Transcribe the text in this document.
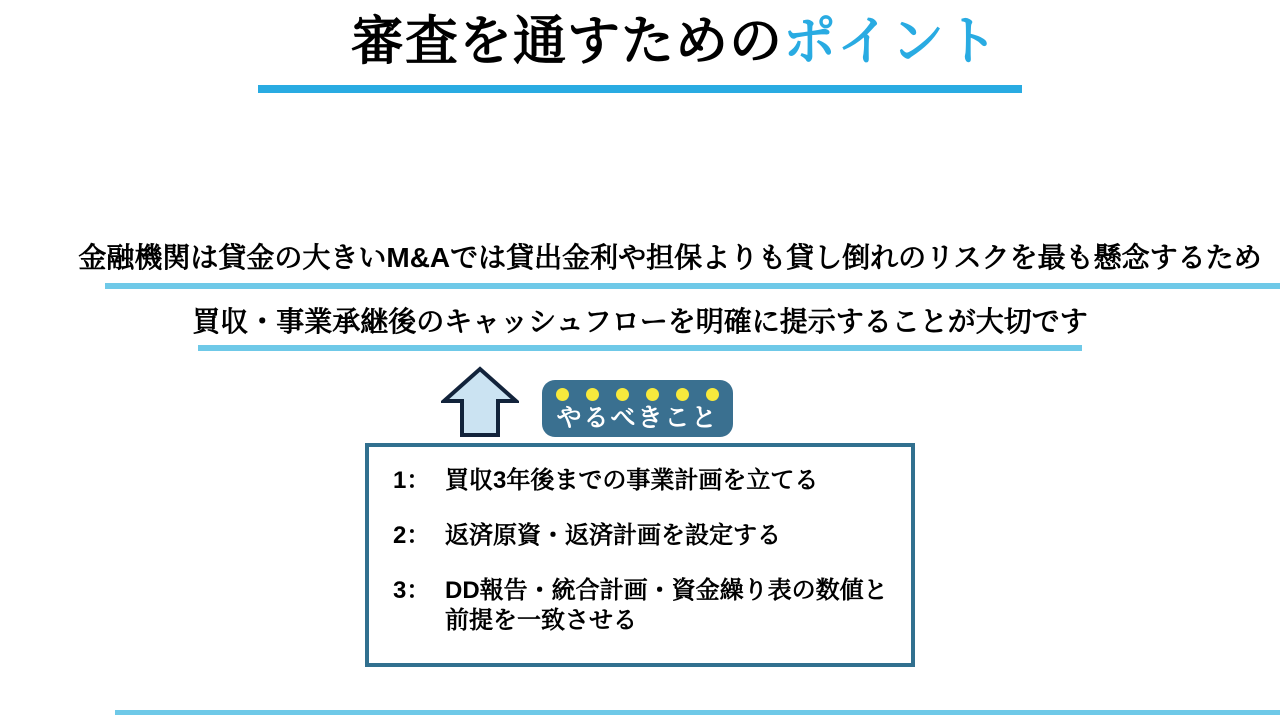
審査を通すためのポイント
金融機関は貸金の大きいM&Aでは貸出金利や担保よりも貸し倒れのリスクを最も懸念するため
買収・事業承継後のキャッシュフローを明確に提示することが大切です
やるべきこと
1： 買収3年後までの事業計画を立てる
2： 返済原資・返済計画を設定する
3： DD報告・統合計画・資金繰り表の数値と
前提を一致させる
